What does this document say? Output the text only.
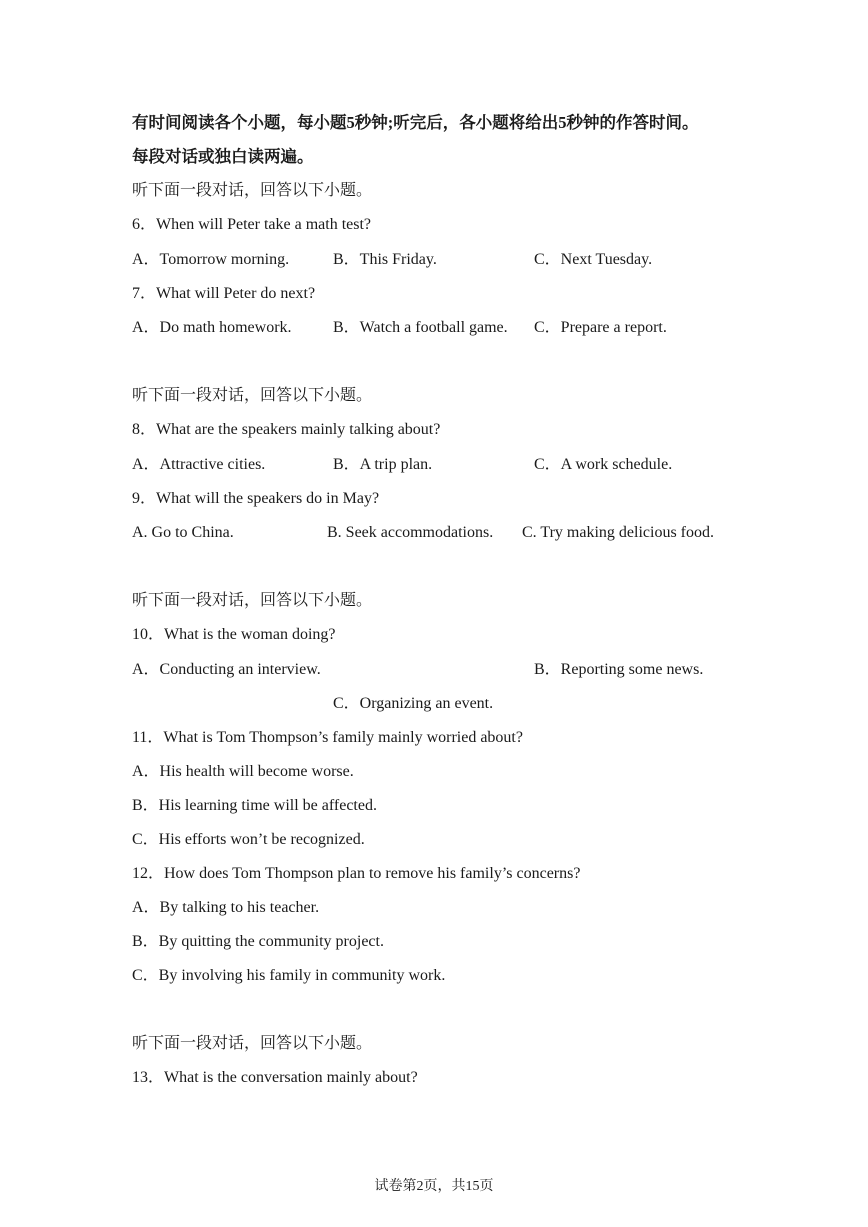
有时间阅读各个小题，每小题5秒钟;听完后，各小题将给出5秒钟的作答时间。
每段对话或独白读两遍。
听下面一段对话，回答以下小题。
6．When will Peter take a math test?
A．Tomorrow morning.	B．This Friday.	C．Next Tuesday.
7．What will Peter do next?
A．Do math homework.	B．Watch a football game. C．Prepare a report.
听下面一段对话，回答以下小题。
8．What are the speakers mainly talking about?
A．Attractive cities.	B．A trip plan.	C．A work schedule.
9．What will the speakers do in May?
A. Go to China.	B. Seek accommodations. C. Try making delicious food.
听下面一段对话，回答以下小题。
10．What is the woman doing?
A．Conducting an interview.	B．Reporting some news.
C．Organizing an event.
11．What is Tom Thompson’s family mainly worried about?
A．His health will become worse.
B．His learning time will be affected.
C．His efforts won’t be recognized.
12．How does Tom Thompson plan to remove his family’s concerns?
A．By talking to his teacher.
B．By quitting the community project.
C．By involving his family in community work.
听下面一段对话，回答以下小题。
13．What is the conversation mainly about?
试卷第2页，共15页
